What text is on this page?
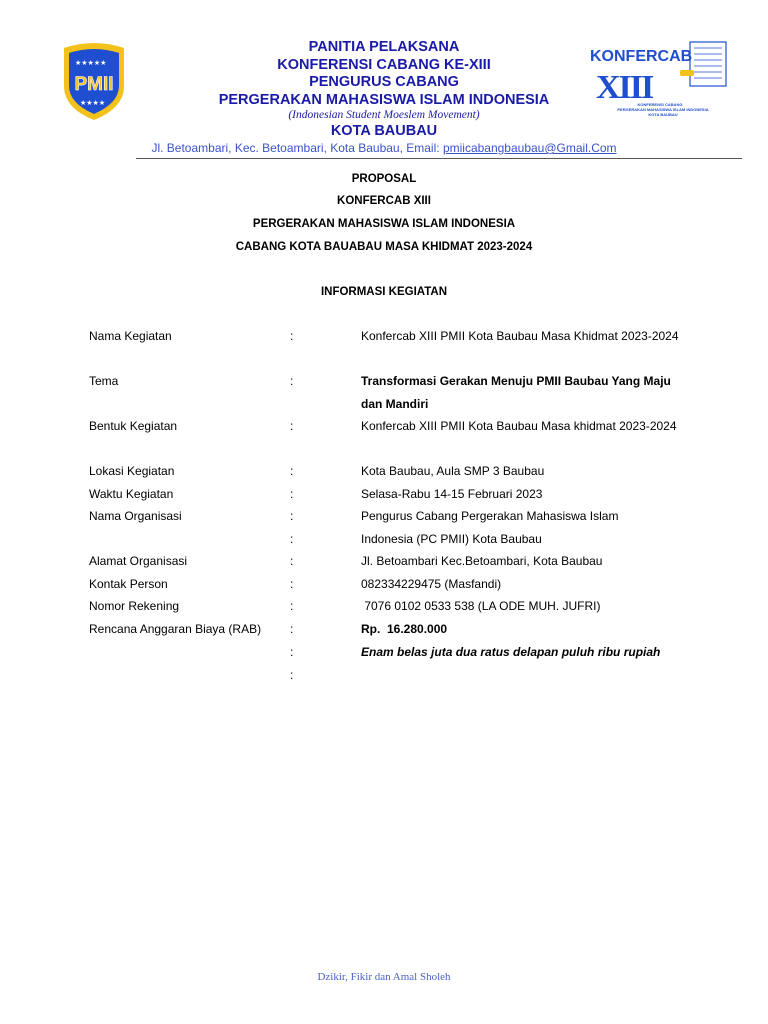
★★★★★
PMII
★★★★
KONFERCAB
XIII
KONFERENSI CABANG
PERGERAKAN MAHASISWA ISLAM INDONESIA
KOTA BAUBAU
PANITIA PELAKSANA
KONFERENSI CABANG KE-XIII
PENGURUS CABANG
PERGERAKAN MAHASISWA ISLAM INDONESIA
(Indonesian Student Moeslem Movement)
KOTA BAUBAU
Jl. Betoambari, Kec. Betoambari, Kota Baubau, Email: pmiicabangbaubau@Gmail.Com
PROPOSAL
KONFERCAB XIII
PERGERAKAN MAHASISWA ISLAM INDONESIA
CABANG KOTA BAUABAU MASA KHIDMAT 2023-2024
INFORMASI KEGIATAN
Nama Kegiatan	:	Konfercab XIII PMII Kota Baubau Masa Khidmat 2023-2024
Tema	:	Transformasi Gerakan Menuju PMII Baubau Yang Maju dan Mandiri
Bentuk Kegiatan	:	Konfercab XIII PMII Kota Baubau Masa khidmat 2023-2024
Lokasi Kegiatan	:	Kota Baubau, Aula SMP 3 Baubau
Waktu Kegiatan	:	Selasa-Rabu 14-15 Februari 2023
Nama Organisasi	:	Pengurus Cabang Pergerakan Mahasiswa Islam
:	Indonesia (PC PMII) Kota Baubau
Alamat Organisasi	:	Jl. Betoambari Kec.Betoambari, Kota Baubau
Kontak Person	:	082334229475 (Masfandi)
Nomor Rekening	:	7076 0102 0533 538 (LA ODE MUH. JUFRI)
Rencana Anggaran Biaya (RAB) :	Rp.  16.280.000
:	Enam belas juta dua ratus delapan puluh ribu rupiah
:
Dzikir, Fikir dan Amal Sholeh
